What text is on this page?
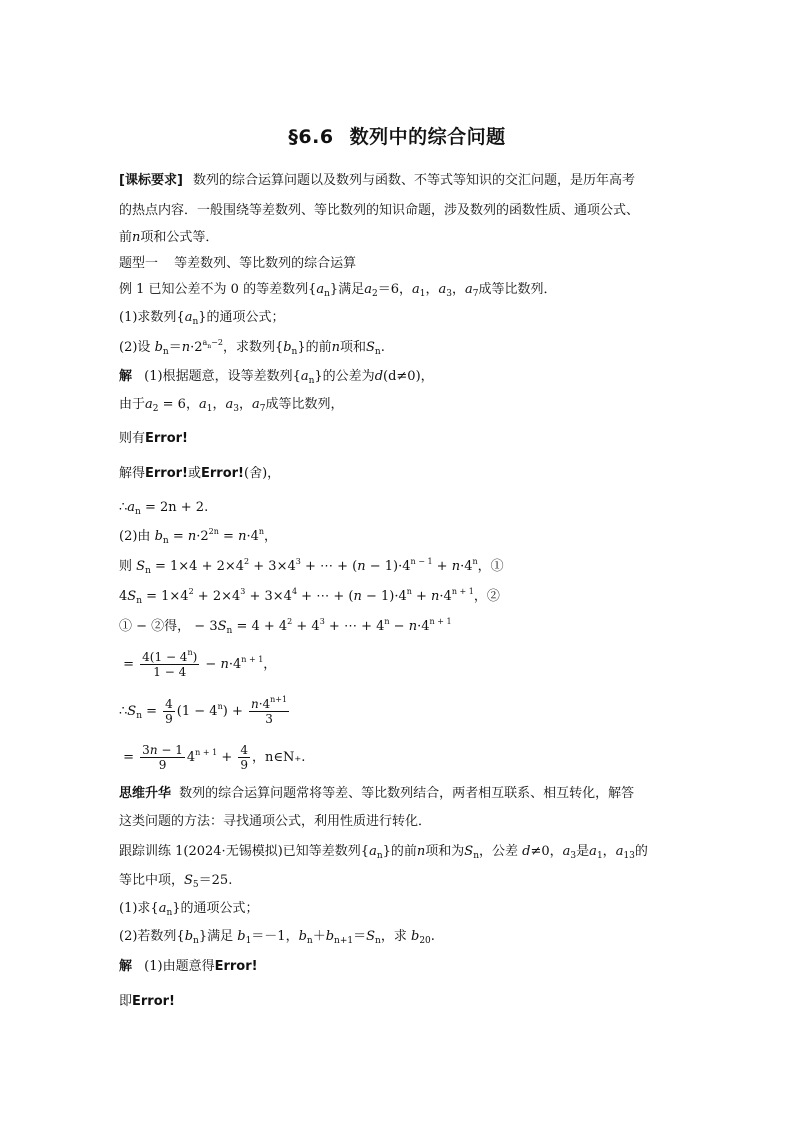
§6.6 数列中的综合问题
[课标要求] 数列的综合运算问题以及数列与函数、不等式等知识的交汇问题，是历年高考
的热点内容．一般围绕等差数列、等比数列的知识命题，涉及数列的函数性质、通项公式、
前n项和公式等．
题型一 等差数列、等比数列的综合运算
例 1 已知公差不为 0 的等差数列$\{a_n\}$满足$a_2=6$，$a_1$，$a_3$，$a_7$成等比数列．
(1)求数列$\{a_n\}$的通项公式；
(2)设 $b_n=n\cdot 2^{a_n-2}$，求数列$\{b_n\}$的前n项和$S_n$.
解 (1)根据题意，设等差数列$\{a_n\}$的公差为d(d≠0)，
由于$a_2 = 6$，$a_1$，$a_3$，$a_7$成等比数列，
则有Error!
解得Error!或Error!(舍)，
$\therefore a_n = 2n + 2$.
(2)由 $b_n = n\cdot 2^{2n} = n\cdot 4^n$，
则 $S_n = 1\times 4 + 2\times 4^2 + 3\times 4^3$ + ⋯ + $(n - 1)\cdot 4^{n - 1} + n\cdot 4^n$，①
$4S_n = 1\times 4^2 + 2\times 4^3 + 3\times 4^4$ + ⋯ + $(n - 1)\cdot 4^n + n\cdot 4^{n + 1}$，②
① − ②得， − $3S_n = 4 + 4^2 + 4^3$ + ⋯ + $4^n - n\cdot 4^{n + 1}$
= $\frac{4(1 - 4^n)}{1 - 4} - n\cdot 4^{n + 1}$，
$\therefore S_n = \frac{4}{9} (1 - 4^n) + \frac{n\cdot 4^{n+1}}{3}$
= $\frac{3n - 1}{9} 4^{n + 1} + \frac{4}{9}$ ，n∈N₊.
思维升华 数列的综合运算问题常将等差、等比数列结合，两者相互联系、相互转化，解答
这类问题的方法：寻找通项公式，利用性质进行转化．
跟踪训练 1(2024·无锡模拟)已知等差数列$\{a_n\}$的前n项和为$S_n$，公差 d≠0，$a_3$是$a_1$，$a_{13}$的
等比中项，$S_5=25$.
(1)求$\{a_n\}$的通项公式；
(2)若数列$\{b_n\}$满足 $b_1=-1$，$b_n+b_{n+1}=S_n$，求 $b_{20}$.
解 (1)由题意得Error!
即Error!
